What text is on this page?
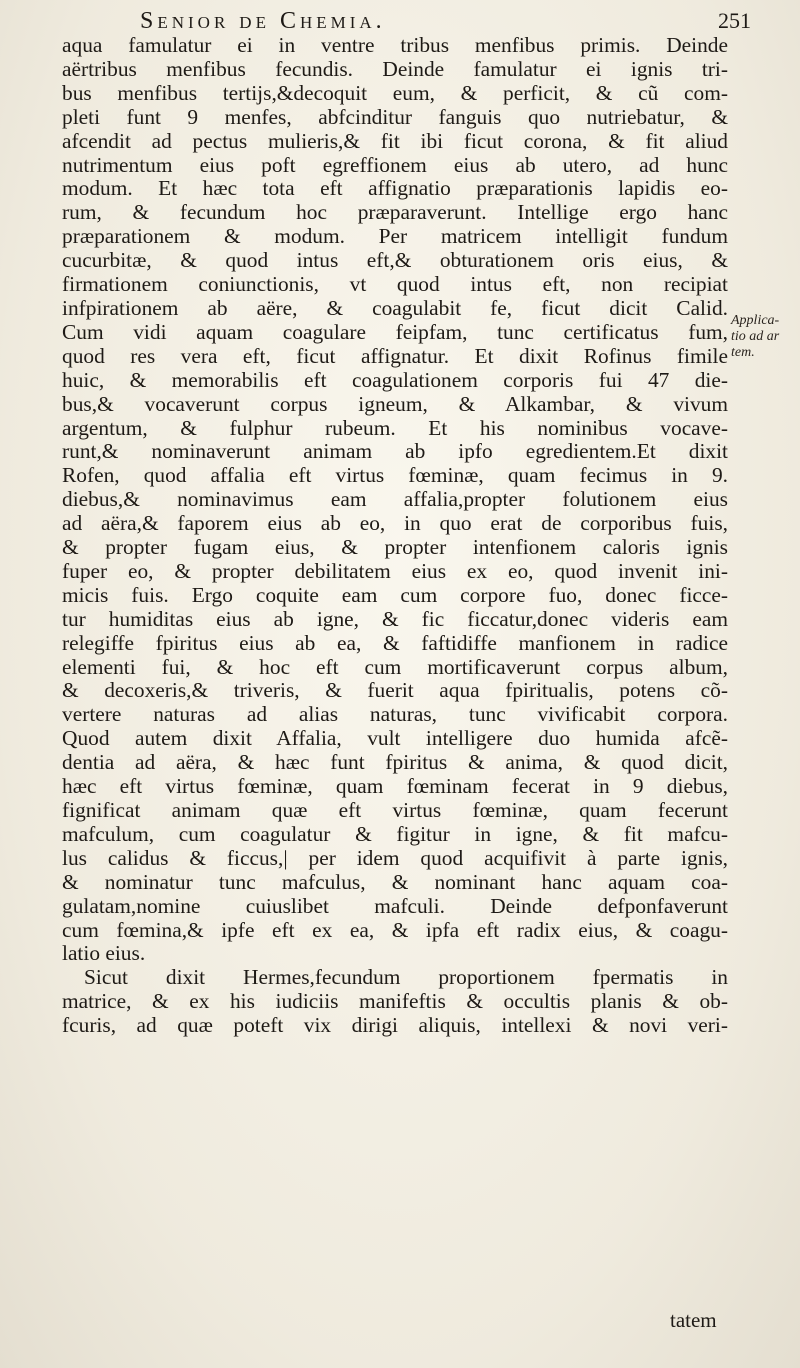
Senior de Chemia.	251
aqua famulatur ei in ventre tribus menfibus primis. Deinde
aërtribus menfibus fecundis. Deinde famulatur ei ignis tri-
bus menfibus tertijs,&decoquit eum, & perficit, & cũ com-
pleti funt 9 menfes, abfcinditur fanguis quo nutriebatur, &
afcendit ad pectus mulieris,& fit ibi ficut corona, & fit aliud
nutrimentum eius poft egreffionem eius ab utero, ad hunc
modum. Et hæc tota eft affignatio præparationis lapidis eo-
rum, & fecundum hoc præparaverunt. Intellige ergo hanc
præparationem & modum. Per matricem intelligit fundum
cucurbitæ, & quod intus eft,& obturationem oris eius, &
firmationem coniunctionis, vt quod intus eft, non recipiat
infpirationem ab aëre, & coagulabit fe, ficut dicit Calid.
Cum vidi aquam coagulare feipfam, tunc certificatus fum,
quod res vera eft, ficut affignatur. Et dixit Rofinus fimile
huic, & memorabilis eft coagulationem corporis fui 47 die-
bus,& vocaverunt corpus igneum, & Alkambar, & vivum
argentum, & fulphur rubeum. Et his nominibus vocave-
runt,& nominaverunt animam ab ipfo egredientem.Et dixit
Rofen, quod affalia eft virtus fœminæ, quam fecimus in 9.
diebus,& nominavimus eam affalia,propter folutionem eius
ad aëra,& faporem eius ab eo, in quo erat de corporibus fuis,
& propter fugam eius, & propter intenfionem caloris ignis
fuper eo, & propter debilitatem eius ex eo, quod invenit ini-
micis fuis. Ergo coquite eam cum corpore fuo, donec ficce-
tur humiditas eius ab igne, & fic ficcatur,donec videris eam
relegiffe fpiritus eius ab ea, & faftidiffe manfionem in radice
elementi fui, & hoc eft cum mortificaverunt corpus album,
& decoxeris,& triveris, & fuerit aqua fpiritualis, potens cõ-
vertere naturas ad alias naturas, tunc vivificabit corpora.
Quod autem dixit Affalia, vult intelligere duo humida afcẽ-
dentia ad aëra, & hæc funt fpiritus & anima, & quod dicit,
hæc eft virtus fœminæ, quam fœminam fecerat in 9 diebus,
fignificat animam quæ eft virtus fœminæ, quam fecerunt
mafculum, cum coagulatur & figitur in igne, & fit mafcu-
lus calidus & ficcus,| per idem quod acquifivit à parte ignis,
& nominatur tunc mafculus, & nominant hanc aquam coa-
gulatam,nomine cuiuslibet mafculi. Deinde defponfaverunt
cum fœmina,& ipfe eft ex ea, & ipfa eft radix eius, & coagu-
latio eius.
Sicut dixit Hermes,fecundum proportionem fpermatis in
matrice, & ex his iudiciis manifeftis & occultis planis & ob-
fcuris, ad quæ poteft vix dirigi aliquis, intellexi & novi veri-
Applica-
tio ad ar
tem.
tatem
